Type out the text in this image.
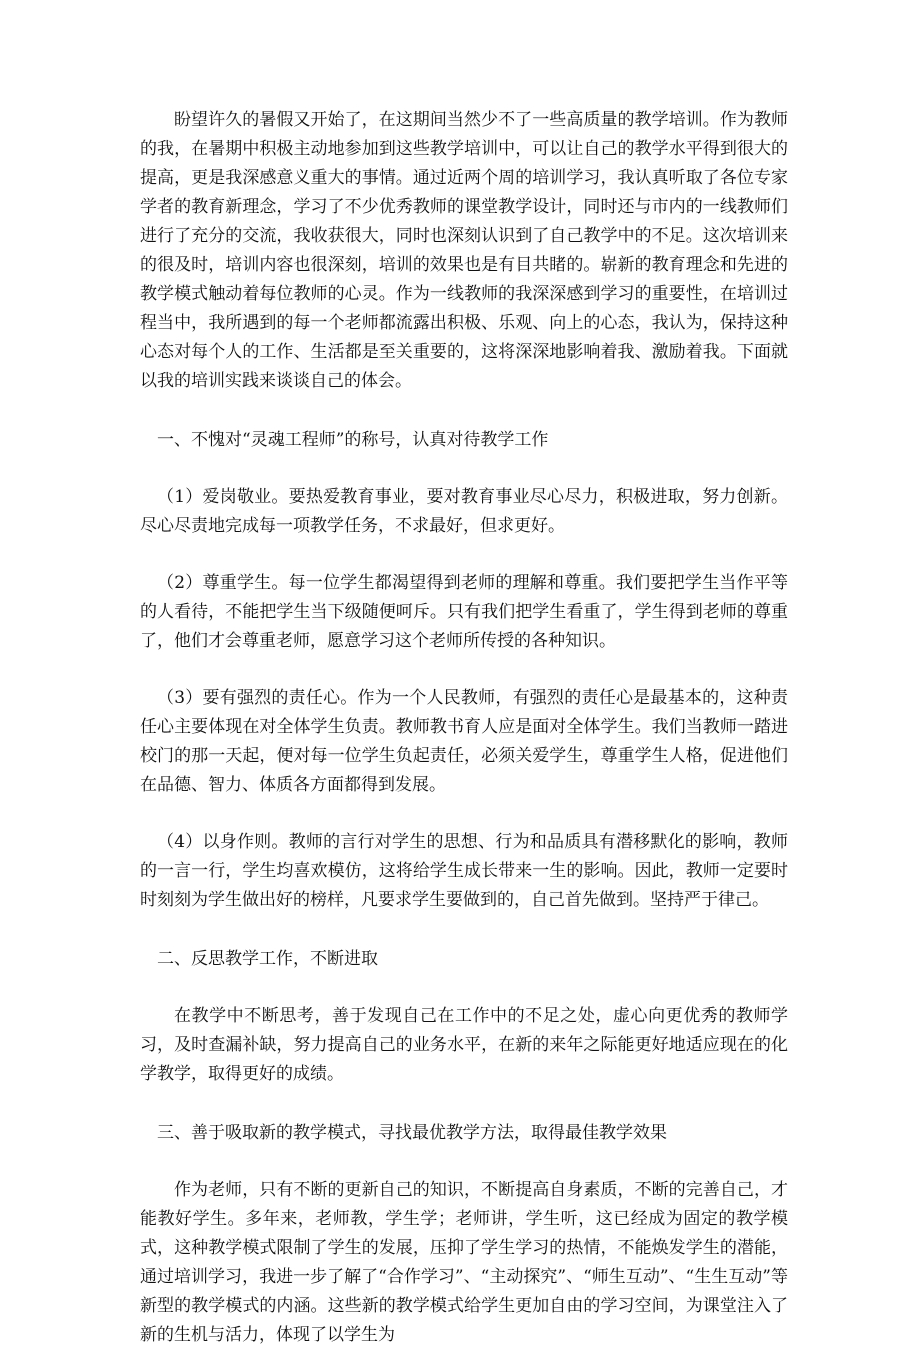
盼望许久的暑假又开始了，在这期间当然少不了一些高质量的教学培训。作为教师的我，在暑期中积极主动地参加到这些教学培训中，可以让自己的教学水平得到很大的提高，更是我深感意义重大的事情。通过近两个周的培训学习，我认真听取了各位专家学者的教育新理念，学习了不少优秀教师的课堂教学设计，同时还与市内的一线教师们进行了充分的交流，我收获很大，同时也深刻认识到了自己教学中的不足。这次培训来的很及时，培训内容也很深刻，培训的效果也是有目共睹的。崭新的教育理念和先进的教学模式触动着每位教师的心灵。作为一线教师的我深深感到学习的重要性，在培训过程当中，我所遇到的每一个老师都流露出积极、乐观、向上的心态，我认为，保持这种心态对每个人的工作、生活都是至关重要的，这将深深地影响着我、激励着我。下面就以我的培训实践来谈谈自己的体会。

一、不愧对“灵魂工程师”的称号，认真对待教学工作

（1）爱岗敬业。要热爱教育事业，要对教育事业尽心尽力，积极进取，努力创新。尽心尽责地完成每一项教学任务，不求最好，但求更好。

（2）尊重学生。每一位学生都渴望得到老师的理解和尊重。我们要把学生当作平等的人看待，不能把学生当下级随便呵斥。只有我们把学生看重了，学生得到老师的尊重了，他们才会尊重老师，愿意学习这个老师所传授的各种知识。

（3）要有强烈的责任心。作为一个人民教师，有强烈的责任心是最基本的，这种责任心主要体现在对全体学生负责。教师教书育人应是面对全体学生。我们当教师一踏进校门的那一天起，便对每一位学生负起责任，必须关爱学生，尊重学生人格，促进他们在品德、智力、体质各方面都得到发展。

（4）以身作则。教师的言行对学生的思想、行为和品质具有潜移默化的影响，教师的一言一行，学生均喜欢模仿，这将给学生成长带来一生的影响。因此，教师一定要时时刻刻为学生做出好的榜样，凡要求学生要做到的，自己首先做到。坚持严于律己。

二、反思教学工作，不断进取

在教学中不断思考，善于发现自己在工作中的不足之处，虚心向更优秀的教师学习，及时查漏补缺，努力提高自己的业务水平，在新的来年之际能更好地适应现在的化学教学，取得更好的成绩。

三、善于吸取新的教学模式，寻找最优教学方法，取得最佳教学效果

作为老师，只有不断的更新自己的知识，不断提高自身素质，不断的完善自己，才能教好学生。多年来，老师教，学生学；老师讲，学生听，这已经成为固定的教学模式，这种教学模式限制了学生的发展，压抑了学生学习的热情，不能焕发学生的潜能，通过培训学习，我进一步了解了“合作学习”、“主动探究”、“师生互动”、“生生互动”等新型的教学模式的内涵。这些新的教学模式给学生更加自由的学习空间，为课堂注入了新的生机与活力，体现了以学生为
